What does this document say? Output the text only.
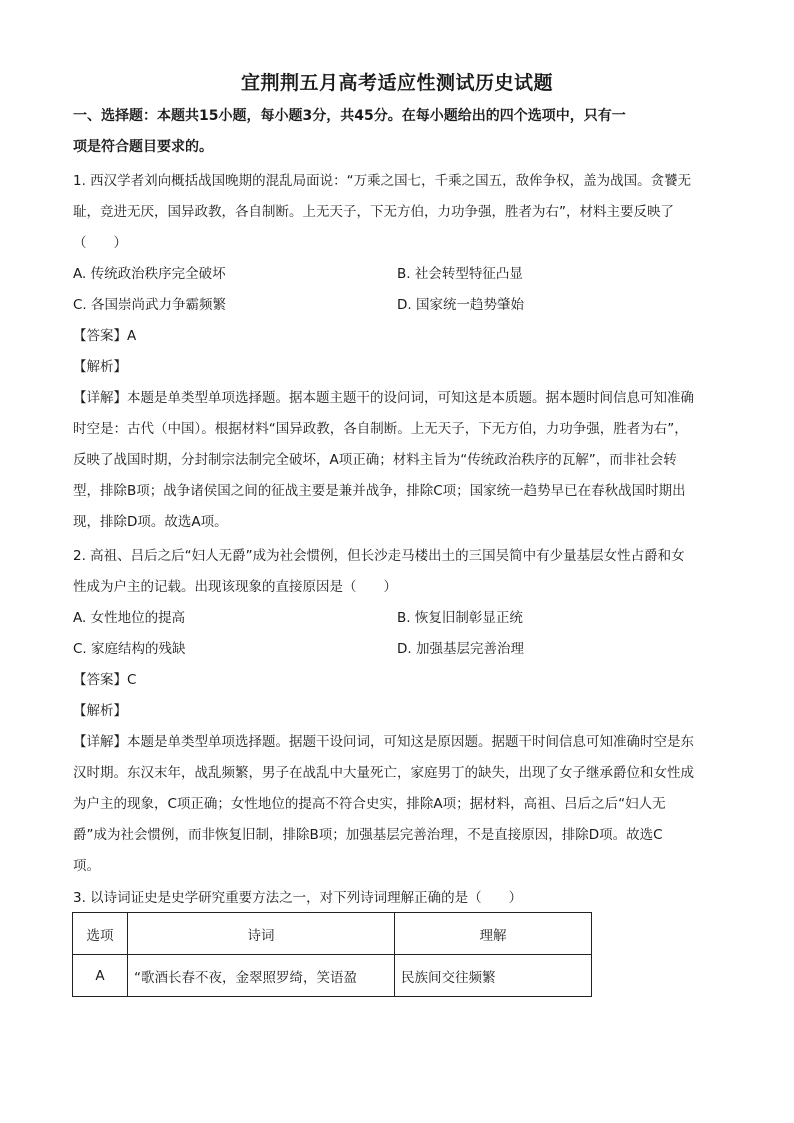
宜荆荆五月高考适应性测试历史试题
一、选择题：本题共15小题，每小题3分，共45分。在每小题给出的四个选项中，只有一
项是符合题目要求的。
1. 西汉学者刘向概括战国晚期的混乱局面说：“万乘之国七，千乘之国五，敌侔争权，盖为战国。贪饕无
耻，竞进无厌，国异政教，各自制断。上无天子，下无方伯，力功争强，胜者为右”，材料主要反映了
（　　）
A. 传统政治秩序完全破坏	B. 社会转型特征凸显
C. 各国崇尚武力争霸频繁	D. 国家统一趋势肇始
【答案】A
【解析】
【详解】本题是单类型单项选择题。据本题主题干的设问词，可知这是本质题。据本题时间信息可知准确
时空是：古代（中国）。根据材料“国异政教，各自制断。上无天子，下无方伯，力功争强，胜者为右”，
反映了战国时期，分封制宗法制完全破坏，A项正确；材料主旨为“传统政治秩序的瓦解”，而非社会转
型，排除B项；战争诸侯国之间的征战主要是兼并战争，排除C项；国家统一趋势早已在春秋战国时期出
现，排除D项。故选A项。
2. 高祖、吕后之后“妇人无爵”成为社会惯例，但长沙走马楼出土的三国吴简中有少量基层女性占爵和女
性成为户主的记载。出现该现象的直接原因是（　　）
A. 女性地位的提高	B. 恢复旧制彰显正统
C. 家庭结构的残缺	D. 加强基层完善治理
【答案】C
【解析】
【详解】本题是单类型单项选择题。据题干设问词，可知这是原因题。据题干时间信息可知准确时空是东
汉时期。东汉末年，战乱频繁，男子在战乱中大量死亡，家庭男丁的缺失，出现了女子继承爵位和女性成
为户主的现象，C项正确；女性地位的提高不符合史实，排除A项；据材料，高祖、吕后之后“妇人无
爵”成为社会惯例，而非恢复旧制，排除B项；加强基层完善治理，不是直接原因，排除D项。故选C
项。
3. 以诗词证史是史学研究重要方法之一，对下列诗词理解正确的是（　　）
选项	诗词	理解
A	“歌酒长春不夜，金翠照罗绮，笑语盈	民族间交往频繁
